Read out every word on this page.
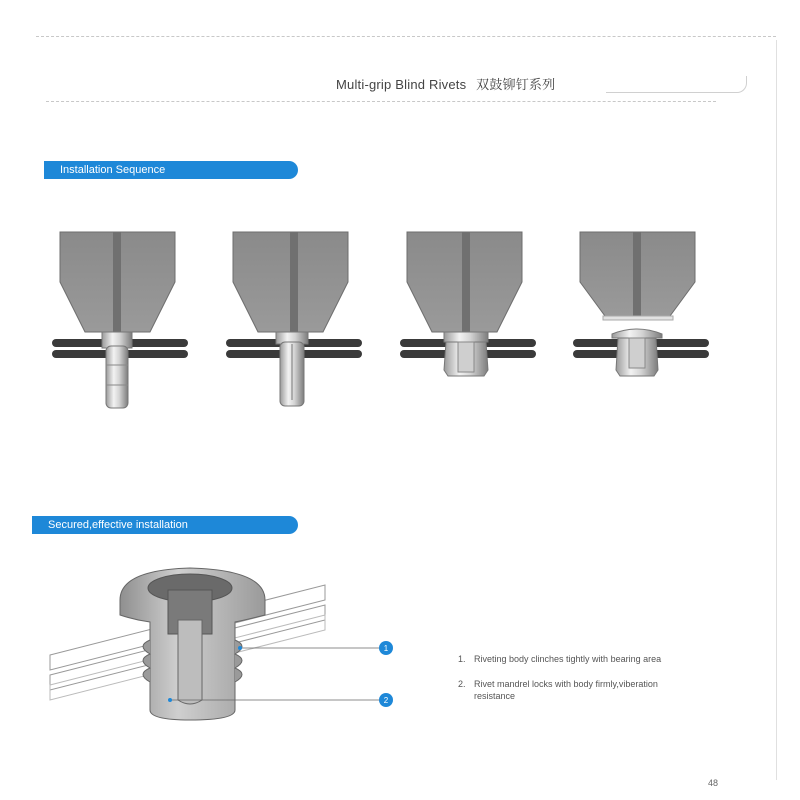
Multi-grip Blind Rivets 双鼓铆钉系列
Installation Sequence
Secured,effective installation
1
2
1. Riveting body clinches tightly with bearing area
2. Rivet mandrel locks with body firmly,viberation
resistance
48
